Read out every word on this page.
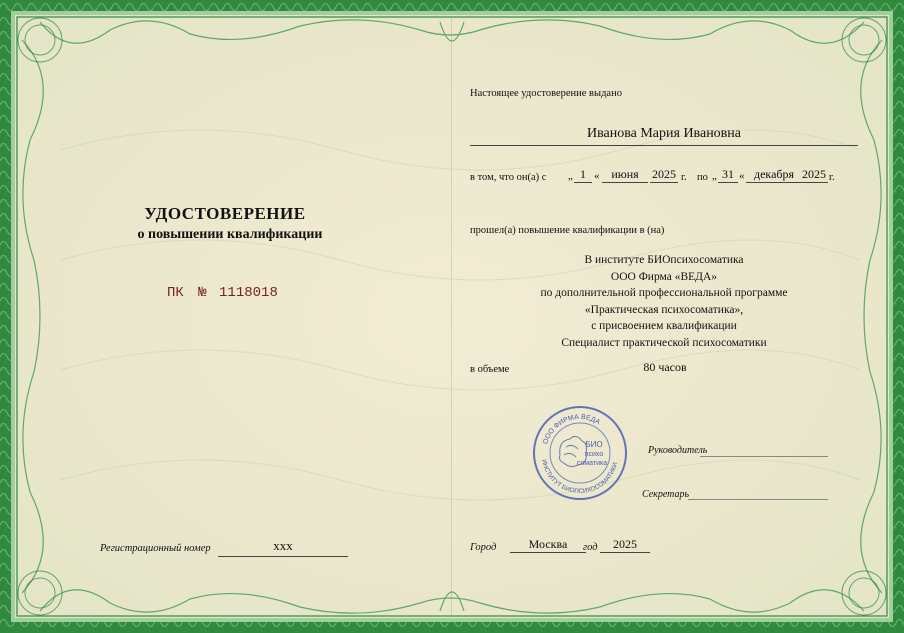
УДОСТОВЕРЕНИЕ
о повышении квалификации
ПК № 1118018
Регистрационный номер	ххх
Настоящее удостоверение выдано
Иванова Мария Ивановна
в том, что он(а) с „ 1 « июня	2025 г. по „ 31 « декабря 2025 г.
прошел(а) повышение квалификации в (на)
В институте БИОпсихосоматика
ООО Фирма «ВЕДА»
по дополнительной профессиональной программе
«Практическая психосоматика»,
с присвоением квалификации
Специалист практической психосоматики
в объеме	80 часов
ООО ФИРМА ВЕДА
ИНСТИТУТ БИОПСИХОСОМАТИКИ
БИО
психо
соматика
Руководитель
Секретарь
Город	Москва	год	2025
